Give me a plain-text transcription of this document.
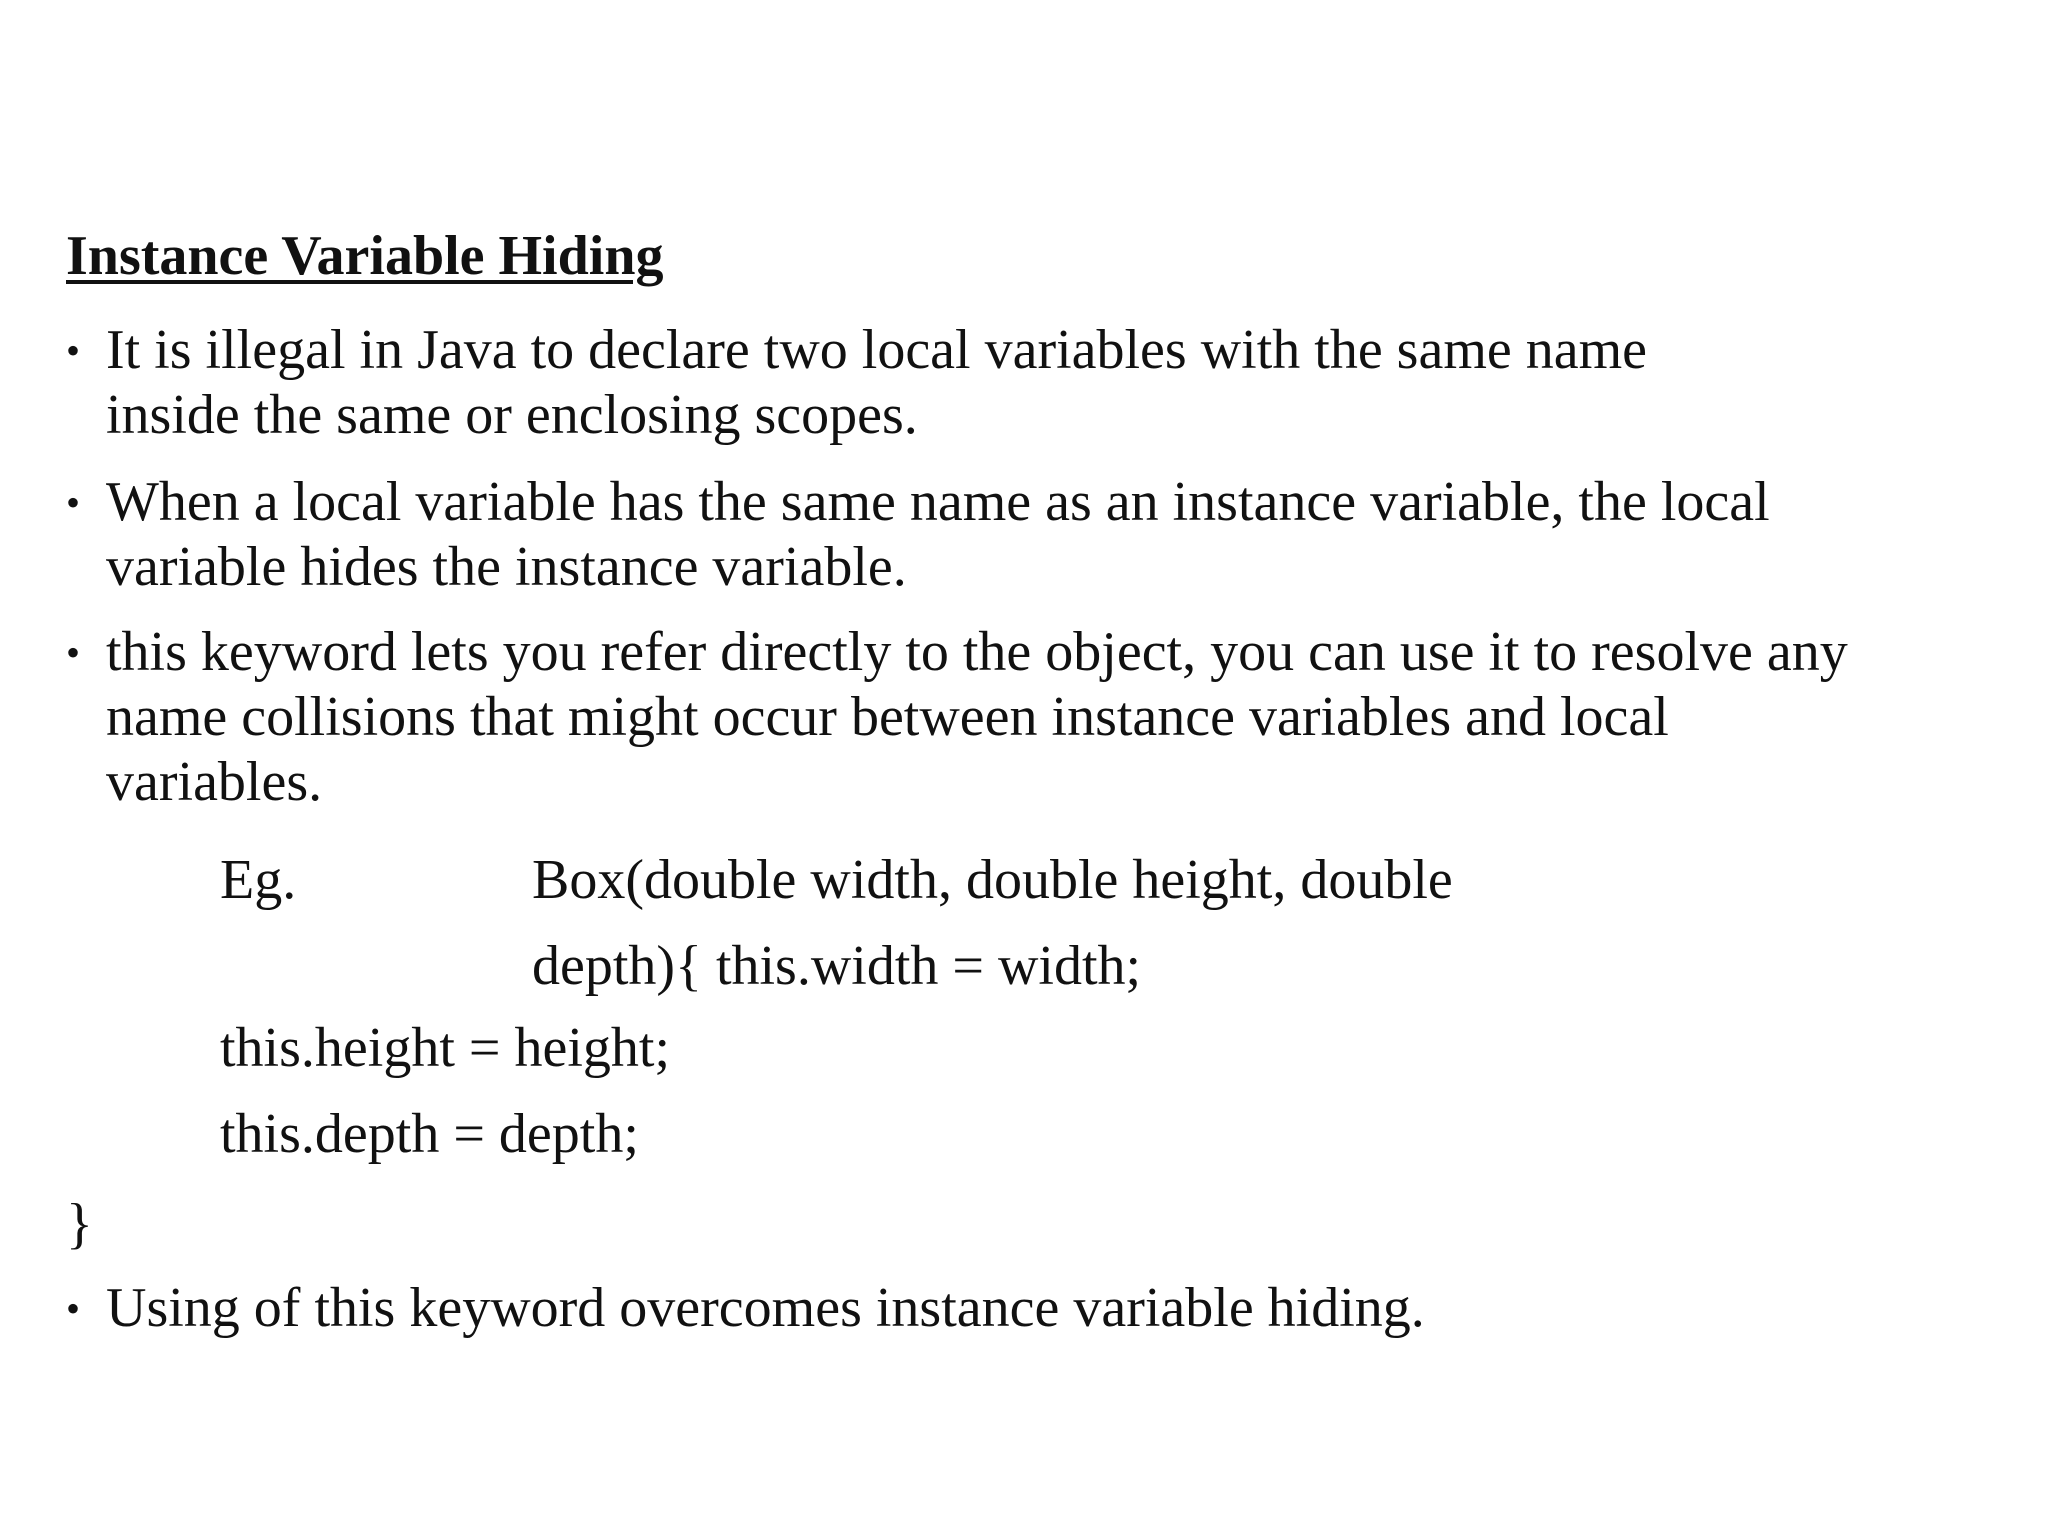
Instance Variable Hiding
• It is illegal in Java to declare two local variables with the same name
inside the same or enclosing scopes.
• When a local variable has the same name as an instance variable, the local
variable hides the instance variable.
• this keyword lets you refer directly to the object, you can use it to resolve any
name collisions that might occur between instance variables and local
variables.
Eg.	Box(double width, double height, double
depth){ this.width = width;
this.height = height;
this.depth = depth;
}
• Using of this keyword overcomes instance variable hiding.
